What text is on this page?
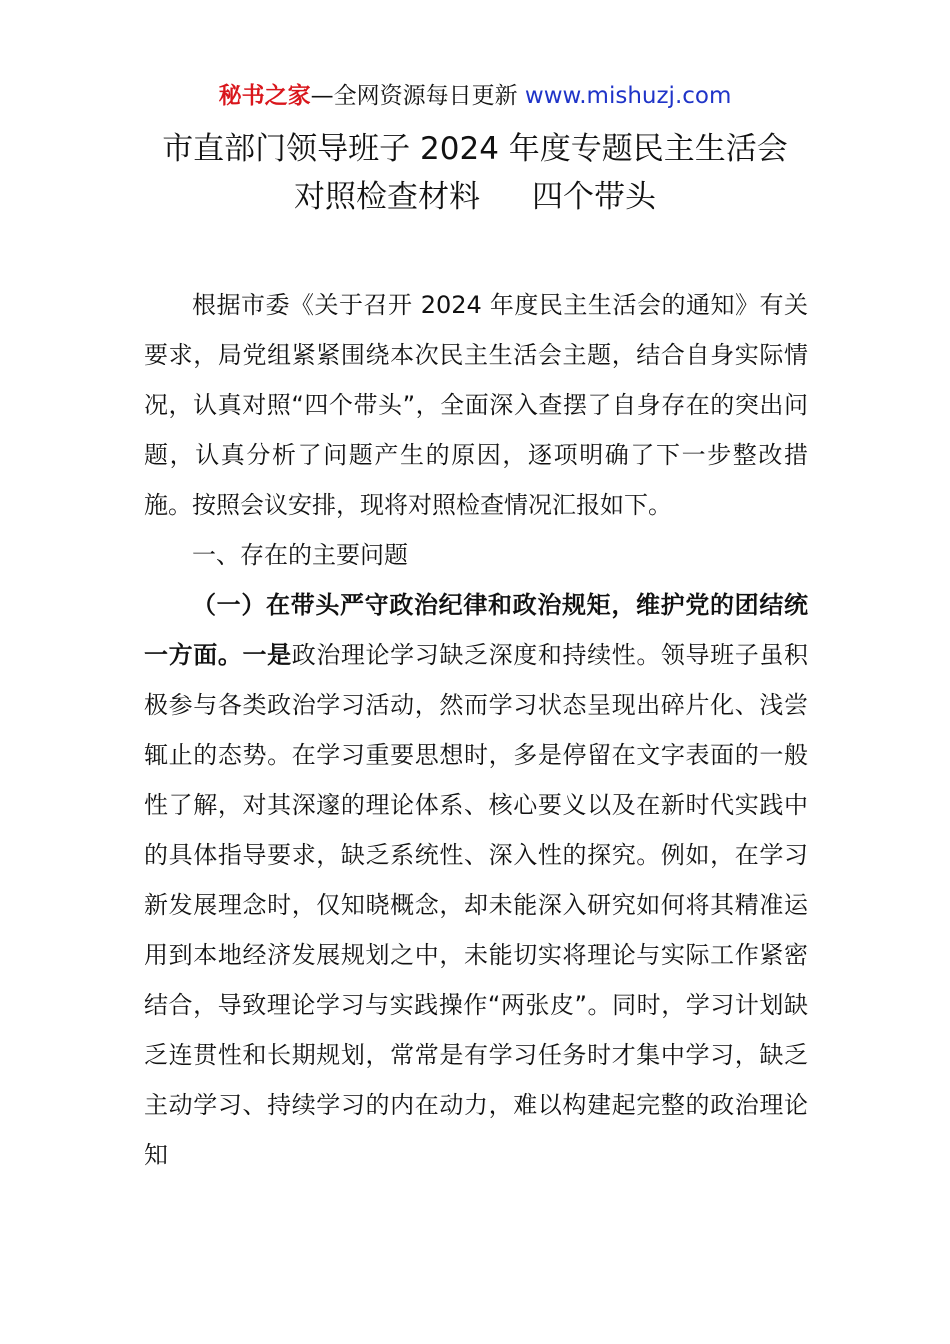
秘书之家—全网资源每日更新 www.mishuzj.com
市直部门领导班子 2024 年度专题民主生活会
对照检查材料 四个带头

根据市委《关于召开 2024 年度民主生活会的通知》有关要求，局党组紧紧围绕本次民主生活会主题，结合自身实际情况，认真对照“四个带头”，全面深入查摆了自身存在的突出问题，认真分析了问题产生的原因，逐项明确了下一步整改措施。按照会议安排，现将对照检查情况汇报如下。

一、存在的主要问题

（一）在带头严守政治纪律和政治规矩，维护党的团结统一方面。一是政治理论学习缺乏深度和持续性。领导班子虽积极参与各类政治学习活动，然而学习状态呈现出碎片化、浅尝辄止的态势。在学习重要思想时，多是停留在文字表面的一般性了解，对其深邃的理论体系、核心要义以及在新时代实践中的具体指导要求，缺乏系统性、深入性的探究。例如，在学习新发展理念时，仅知晓概念，却未能深入研究如何将其精准运用到本地经济发展规划之中，未能切实将理论与实际工作紧密结合，导致理论学习与实践操作“两张皮”。同时，学习计划缺乏连贯性和长期规划，常常是有学习任务时才集中学习，缺乏主动学习、持续学习的内在动力，难以构建起完整的政治理论知
